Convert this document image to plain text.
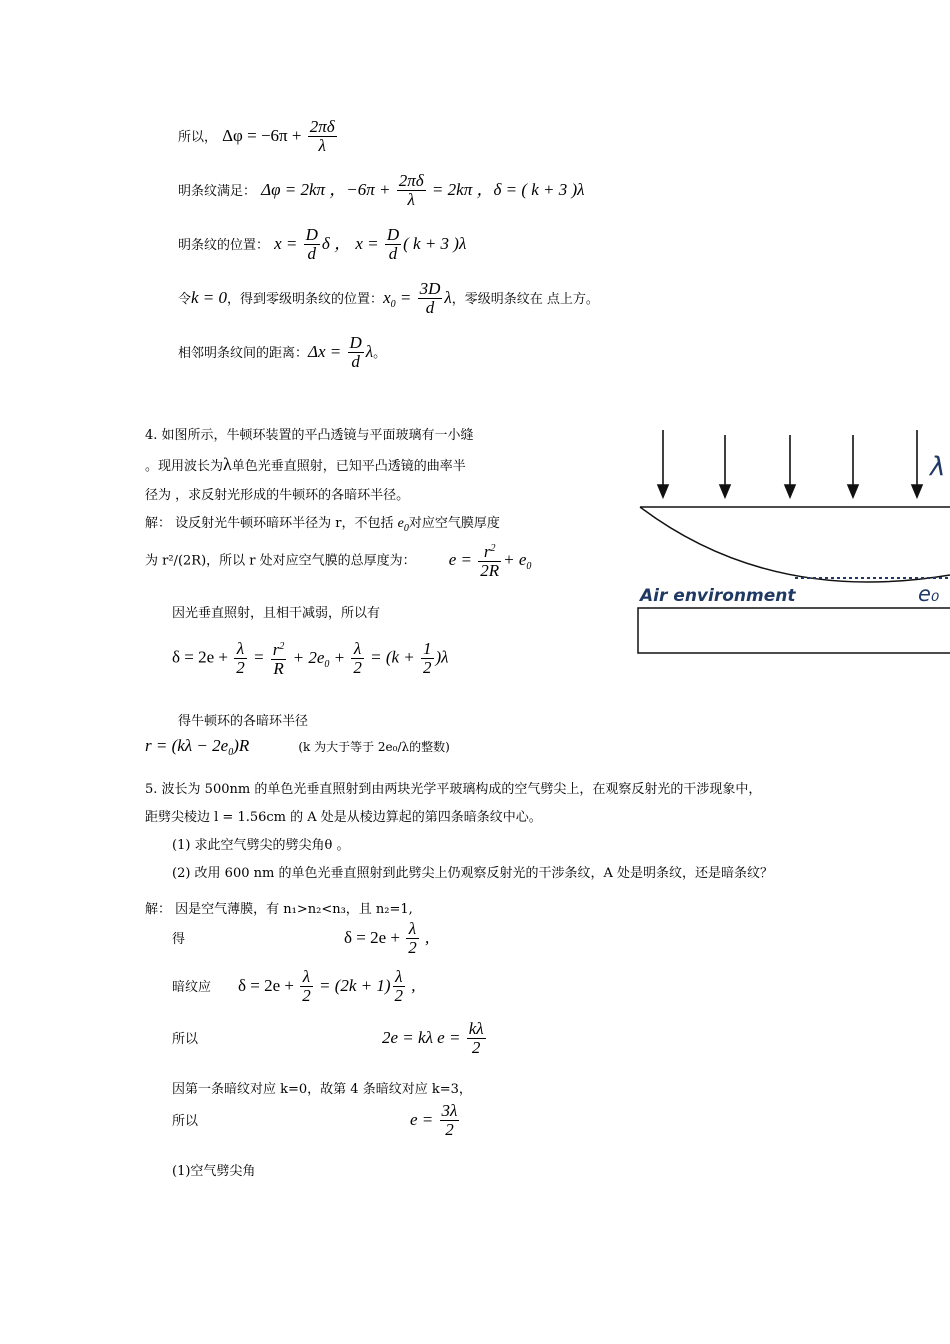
所以， $\Delta\varphi = -6\pi + \frac{2\pi\delta}{\lambda}$
明条纹满足： Δφ = 2kπ ，$-6\pi + \frac{2\pi\delta}{\lambda} = 2k\pi$ ，δ = ( k + 3 )λ
明条纹的位置： $x = \frac{D}{d}$ δ ， $x = \frac{D}{d}$ ( k + 3 )λ
令k = 0，得到零级明条纹的位置：$x_0 = \frac{3D}{d}$ λ，零级明条纹在 点上方。
相邻明条纹间的距离：$\Delta x = \frac{D}{d}$ λ。
4. 如图所示，牛顿环装置的平凸透镜与平面玻璃有一小缝
。现用波长为λ单色光垂直照射，已知平凸透镜的曲率半
径为 ，求反射光形成的牛顿环的各暗环半径。
解： 设反射光牛顿环暗环半径为 r，不包括 $e_0$对应空气膜厚度
为 r²/(2R)，所以 r 处对应空气膜的总厚度为： $e = \frac{r^2}{2R} + e_0$
因光垂直照射，且相干减弱，所以有
$\delta = 2e + \frac{\lambda}{2} = \frac{r^2}{R} + 2e_0 + \frac{\lambda}{2} = (k + \frac{1}{2} )\lambda$
得牛顿环的各暗环半径
$r = (k\lambda - 2e_0)R$	(k 为大于等于 2e₀/λ的整数)
λ
Air environment	e₀
5. 波长为 500nm 的单色光垂直照射到由两块光学平玻璃构成的空气劈尖上，在观察反射光的干涉现象中，
距劈尖棱边 l = 1.56cm 的 A 处是从棱边算起的第四条暗条纹中心。
(1) 求此空气劈尖的劈尖角θ 。
(2) 改用 600 nm 的单色光垂直照射到此劈尖上仍观察反射光的干涉条纹，A 处是明条纹，还是暗条纹？
解： 因是空气薄膜，有 n₁>n₂<n₃，且 n₂=1,
得	$\delta = 2e + \frac{\lambda}{2}$ ,
暗纹应 $\delta = 2e + \frac{\lambda}{2} = (2k + 1) \frac{\lambda}{2}$ ,
所以	2e = kλ $e = \frac{k\lambda}{2}$
因第一条暗纹对应 k=0，故第 4 条暗纹对应 k=3，
所以	$e = \frac{3\lambda}{2}$
(1)空气劈尖角
